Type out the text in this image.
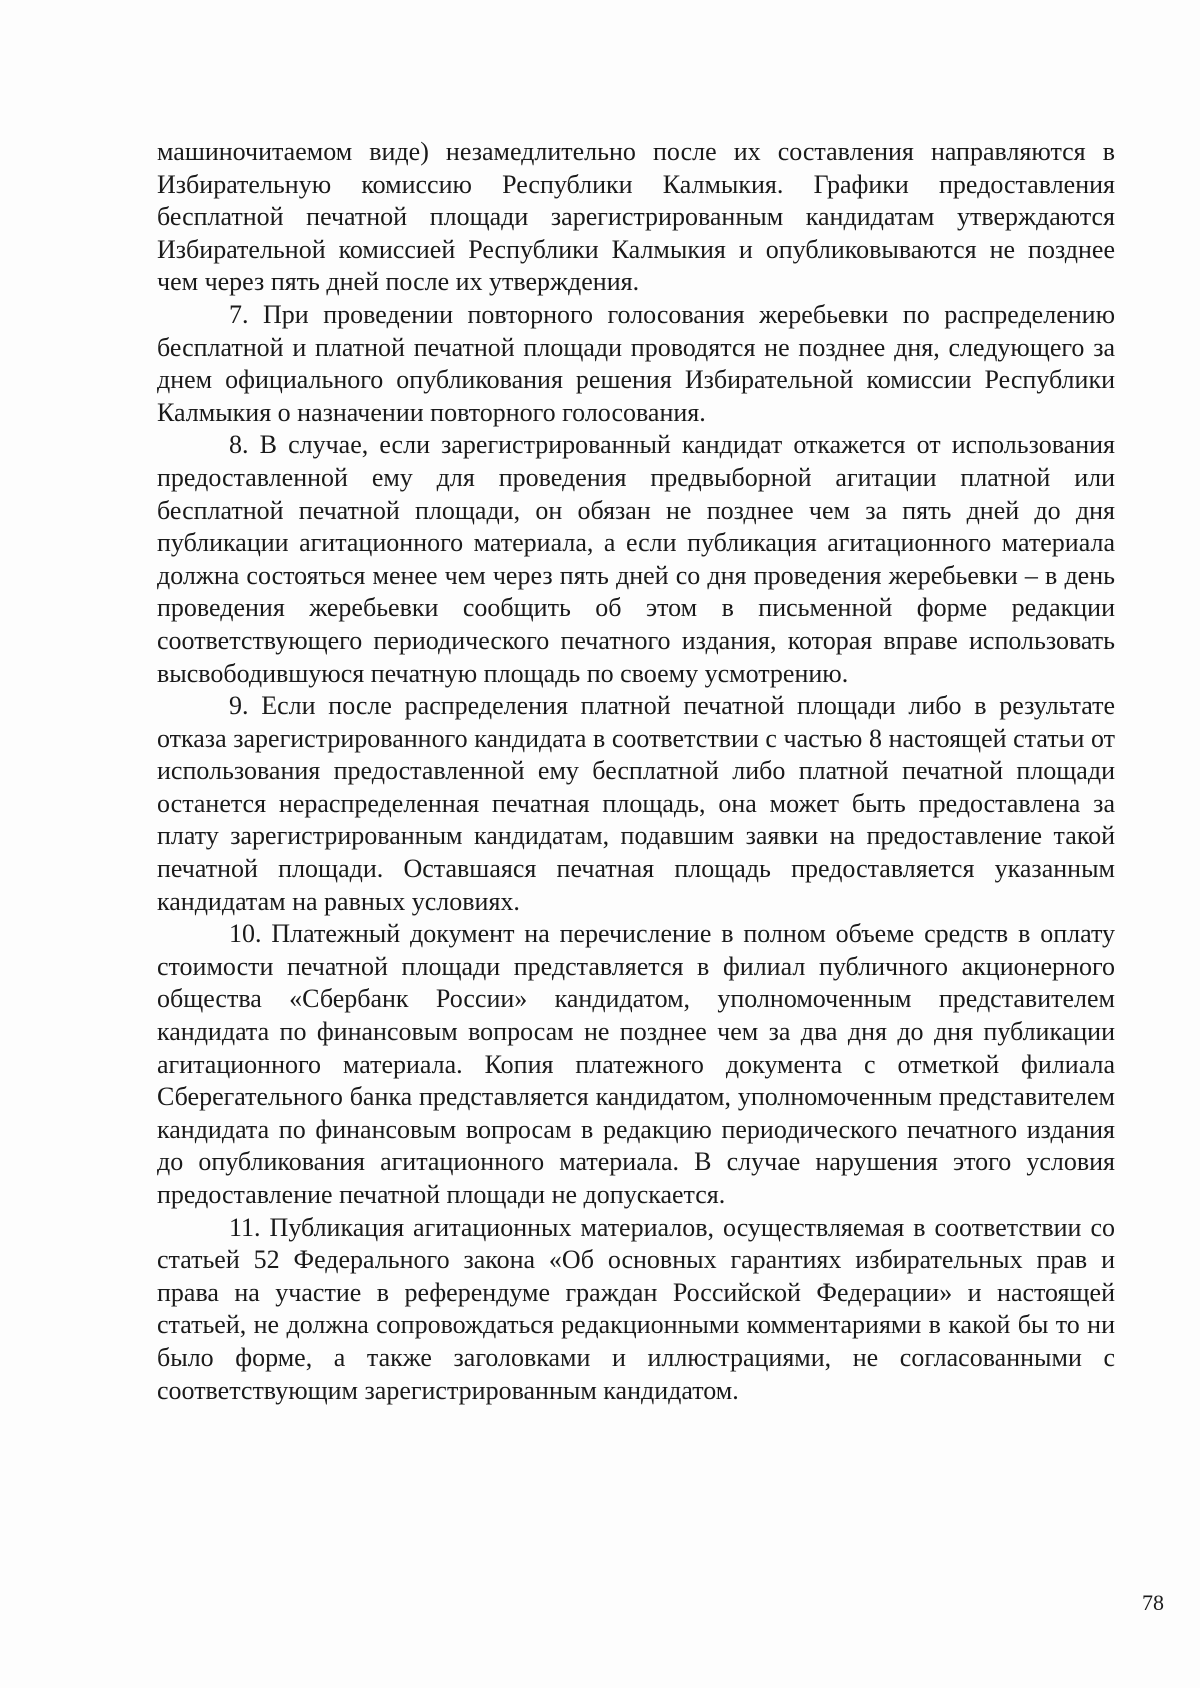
машиночитаемом виде) незамедлительно после их составления направляются в Избирательную комиссию Республики Калмыкия. Графики предоставления бесплатной печатной площади зарегистрированным кандидатам утверждаются Избирательной комиссией Республики Калмыкия и опубликовываются не позднее чем через пять дней после их утверждения.

7. При проведении повторного голосования жеребьевки по распределению бесплатной и платной печатной площади проводятся не позднее дня, следующего за днем официального опубликования решения Избирательной комиссии Республики Калмыкия о назначении повторного голосования.

8. В случае, если зарегистрированный кандидат откажется от использования предоставленной ему для проведения предвыборной агитации платной или бесплатной печатной площади, он обязан не позднее чем за пять дней до дня публикации агитационного материала, а если публикация агитационного материала должна состояться менее чем через пять дней со дня проведения жеребьевки – в день проведения жеребьевки сообщить об этом в письменной форме редакции соответствующего периодического печатного издания, которая вправе использовать высвободившуюся печатную площадь по своему усмотрению.

9. Если после распределения платной печатной площади либо в результате отказа зарегистрированного кандидата в соответствии с частью 8 настоящей статьи от использования предоставленной ему бесплатной либо платной печатной площади останется нераспределенная печатная площадь, она может быть предоставлена за плату зарегистрированным кандидатам, подавшим заявки на предоставление такой печатной площади. Оставшаяся печатная площадь предоставляется указанным кандидатам на равных условиях.

10. Платежный документ на перечисление в полном объеме средств в оплату стоимости печатной площади представляется в филиал публичного акционерного общества «Сбербанк России» кандидатом, уполномоченным представителем кандидата по финансовым вопросам не позднее чем за два дня до дня публикации агитационного материала. Копия платежного документа с отметкой филиала Сберегательного банка представляется кандидатом, уполномоченным представителем кандидата по финансовым вопросам в редакцию периодического печатного издания до опубликования агитационного материала. В случае нарушения этого условия предоставление печатной площади не допускается.

11. Публикация агитационных материалов, осуществляемая в соответствии со статьей 52 Федерального закона «Об основных гарантиях избирательных прав и права на участие в референдуме граждан Российской Федерации» и настоящей статьей, не должна сопровождаться редакционными комментариями в какой бы то ни было форме, а также заголовками и иллюстрациями, не согласованными с соответствующим зарегистрированным кандидатом.

78
